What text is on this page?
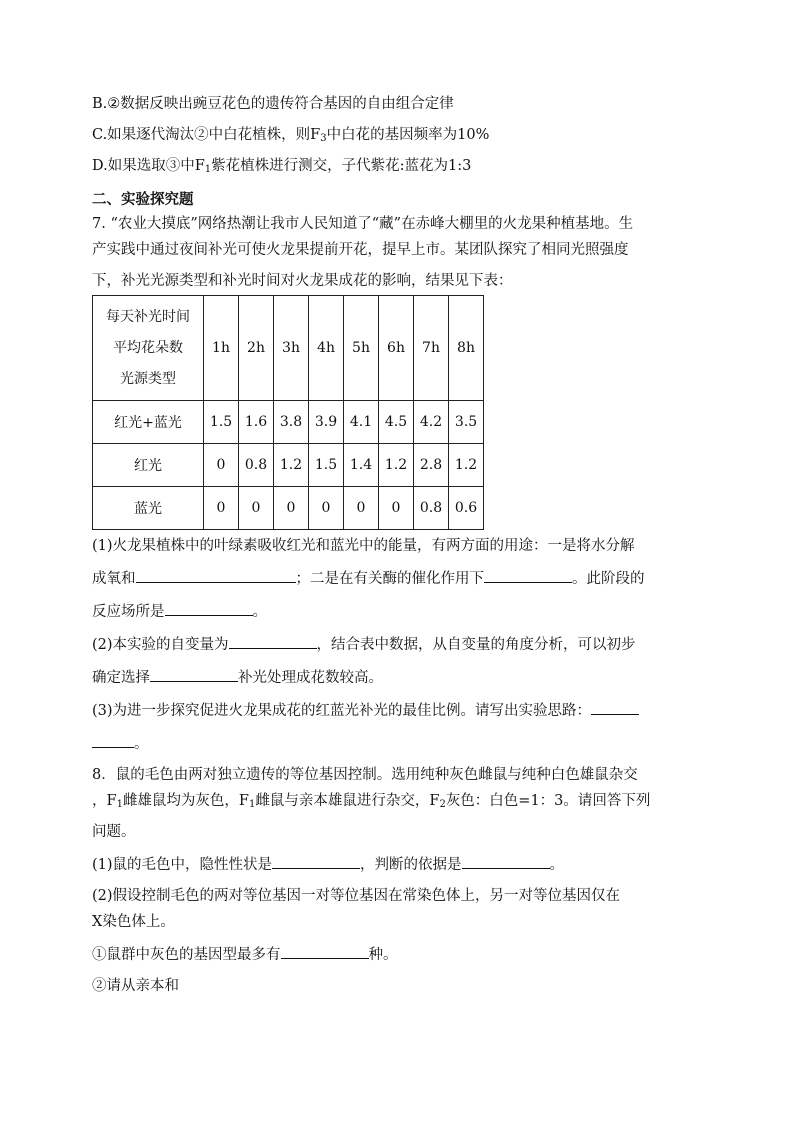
B.②数据反映出豌豆花色的遗传符合基因的自由组合定律
C.如果逐代淘汰②中白花植株，则$F_3$中白花的基因频率为10%
D.如果选取③中$F_1$紫花植株进行测交，子代紫花:蓝花为1:3
二、实验探究题
7. “农业大摸底”网络热潮让我市人民知道了“藏”在赤峰大棚里的火龙果种植基地。生
产实践中通过夜间补光可使火龙果提前开花，提早上市。某团队探究了相同光照强度
下，补光光源类型和补光时间对火龙果成花的影响，结果见下表：
每天补光时间
平均花朵数
光源类型	1h	2h	3h	4h	5h	6h	7h	8h
红光+蓝光	1.5	1.6	3.8	3.9	4.1	4.5	4.2	3.5
红光	0	0.8	1.2	1.5	1.4	1.2	2.8	1.2
蓝光	0	0	0	0	0	0	0.8	0.6
(1)火龙果植株中的叶绿素吸收红光和蓝光中的能量，有两方面的用途：一是将水分解
成氧和	；二是在有关酶的催化作用下	。此阶段的
反应场所是	。
(2)本实验的自变量为	，结合表中数据，从自变量的角度分析，可以初步
确定选择	补光处理成花数较高。
(3)为进一步探究促进火龙果成花的红蓝光补光的最佳比例。请写出实验思路：
。
8．鼠的毛色由两对独立遗传的等位基因控制。选用纯种灰色雌鼠与纯种白色雄鼠杂交
，$F_1$雌雄鼠均为灰色，$F_1$雌鼠与亲本雄鼠进行杂交，$F_2$灰色：白色=1：3。请回答下列
问题。
(1)鼠的毛色中，隐性性状是	，判断的依据是	。
(2)假设控制毛色的两对等位基因一对等位基因在常染色体上，另一对等位基因仅在
X染色体上。
①鼠群中灰色的基因型最多有	种。
②请从亲本和
